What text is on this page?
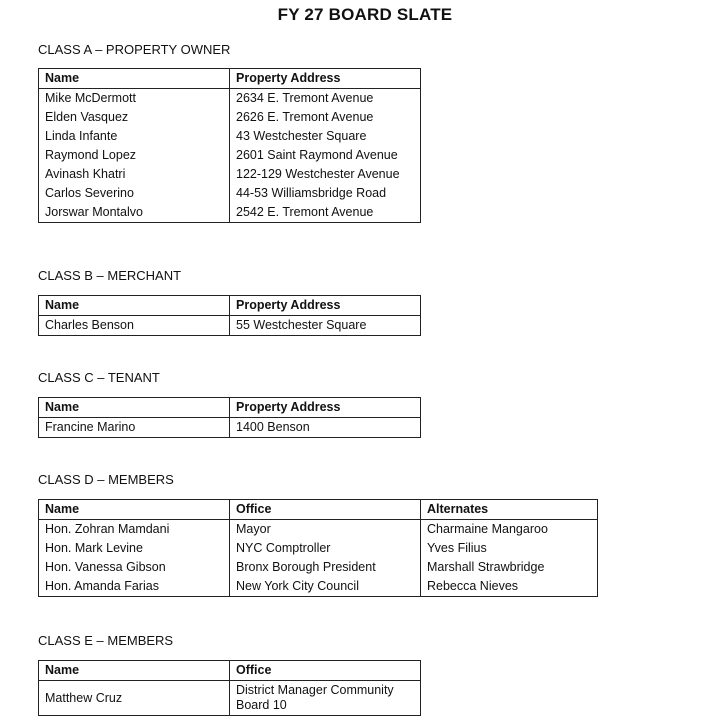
FY 27 BOARD SLATE
CLASS A – PROPERTY OWNER
Name	Property Address
Mike McDermott	2634 E. Tremont Avenue
Elden Vasquez	2626 E. Tremont Avenue
Linda Infante	43 Westchester Square
Raymond Lopez	2601 Saint Raymond Avenue
Avinash Khatri	122-129 Westchester Avenue
Carlos Severino	44-53 Williamsbridge Road
Jorswar Montalvo	2542 E. Tremont Avenue
CLASS B – MERCHANT
Name	Property Address
Charles Benson	55 Westchester Square
CLASS C – TENANT
Name	Property Address
Francine Marino	1400 Benson
CLASS D – MEMBERS
Name	Office	Alternates
Hon. Zohran Mamdani	Mayor	Charmaine Mangaroo
Hon. Mark Levine	NYC Comptroller	Yves Filius
Hon. Vanessa Gibson	Bronx Borough President	Marshall Strawbridge
Hon. Amanda Farias	New York City Council	Rebecca Nieves
CLASS E – MEMBERS
Name	Office
Matthew Cruz	District Manager Community Board 10
